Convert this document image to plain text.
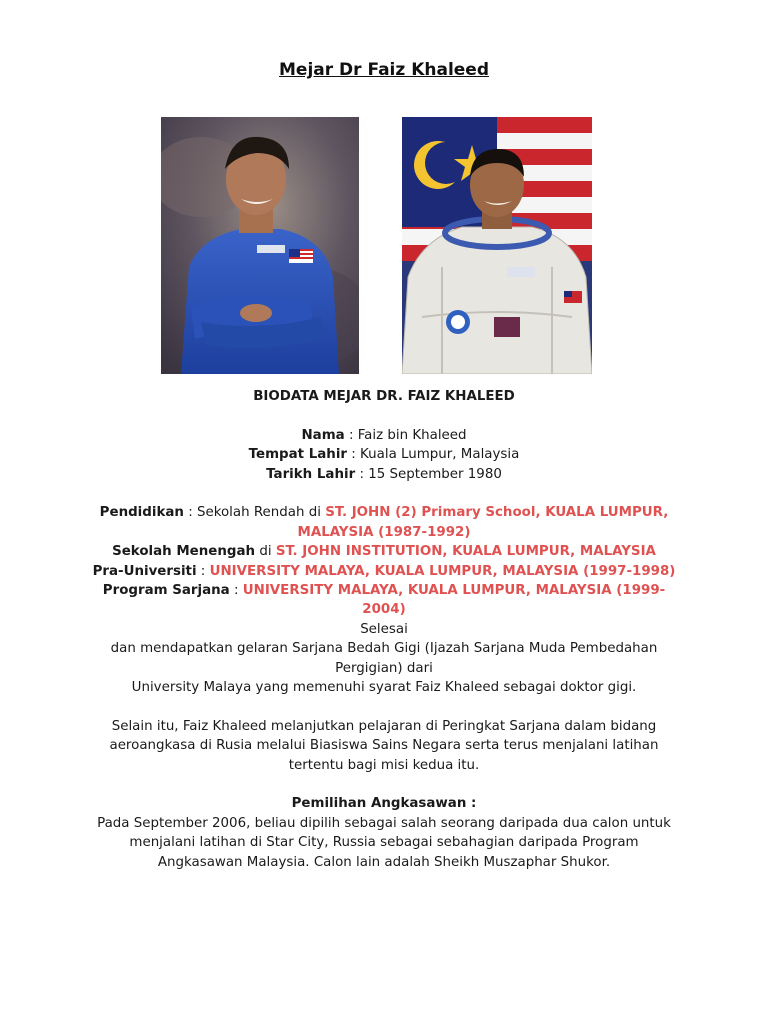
Mejar Dr Faiz Khaleed

BIODATA MEJAR DR. FAIZ KHALEED

Nama : Faiz bin Khaleed

Tempat Lahir : Kuala Lumpur, Malaysia

Tarikh Lahir : 15 September 1980

Pendidikan : Sekolah Rendah di ST. JOHN (2) Primary School, KUALA LUMPUR, MALAYSIA (1987-1992)

Sekolah Menengah di ST. JOHN INSTITUTION, KUALA LUMPUR, MALAYSIA

Pra-Universiti : UNIVERSITY MALAYA, KUALA LUMPUR, MALAYSIA (1997-1998)

Program Sarjana : UNIVERSITY MALAYA, KUALA LUMPUR, MALAYSIA (1999-2004)

Selesai

dan mendapatkan gelaran Sarjana Bedah Gigi (Ijazah Sarjana Muda Pembedahan Pergigian) dari

University Malaya yang memenuhi syarat Faiz Khaleed sebagai doktor gigi.

Selain itu, Faiz Khaleed melanjutkan pelajaran di Peringkat Sarjana dalam bidang aeroangkasa di Rusia melalui Biasiswa Sains Negara serta terus menjalani latihan tertentu bagi misi kedua itu.

Pemilihan Angkasawan :

Pada September 2006, beliau dipilih sebagai salah seorang daripada dua calon untuk menjalani latihan di Star City, Russia sebagai sebahagian daripada Program Angkasawan Malaysia. Calon lain adalah Sheikh Muszaphar Shukor.
